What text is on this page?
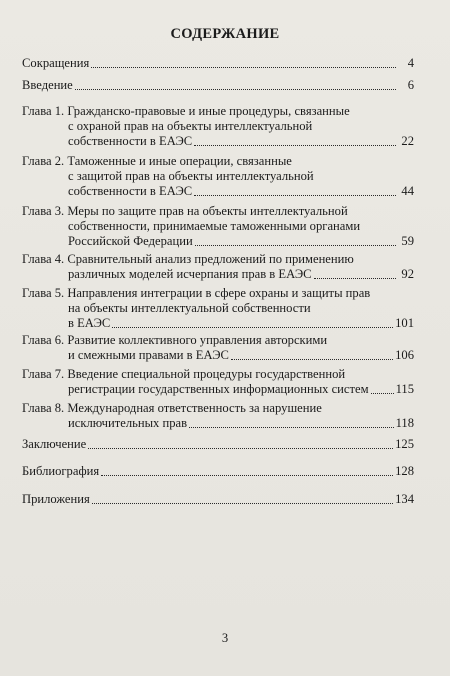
СОДЕРЖАНИЕ
Сокращения	4
Введение	6
Глава 1. Гражданско-правовые и иные процедуры, связанные
с охраной прав на объекты интеллектуальной
собственности в ЕАЭС	22
Глава 2. Таможенные и иные операции, связанные
с защитой прав на объекты интеллектуальной
собственности в ЕАЭС	44
Глава 3. Меры по защите прав на объекты интеллектуальной
собственности, принимаемые таможенными органами
Российской Федерации	59
Глава 4. Сравнительный анализ предложений по применению
различных моделей исчерпания прав в ЕАЭС	92
Глава 5. Направления интеграции в сфере охраны и защиты прав
на объекты интеллектуальной собственности
в ЕАЭС	101
Глава 6. Развитие коллективного управления авторскими
и смежными правами в ЕАЭС	106
Глава 7. Введение специальной процедуры государственной
регистрации государственных информационных систем 115
Глава 8. Международная ответственность за нарушение
исключительных прав	118
Заключение	125
Библиография	128
Приложения	134
3
